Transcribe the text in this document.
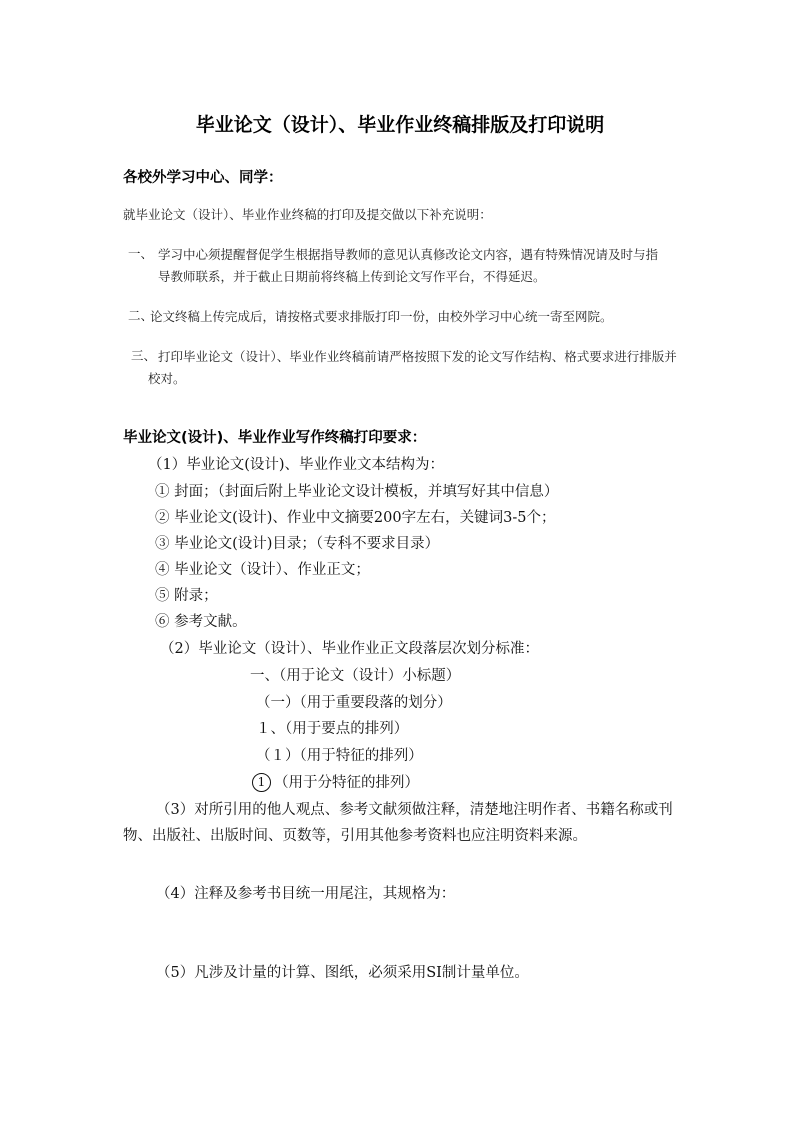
毕业论文（设计）、毕业作业终稿排版及打印说明
各校外学习中心、同学：
就毕业论文（设计）、毕业作业终稿的打印及提交做以下补充说明：
一、 学习中心须提醒督促学生根据指导教师的意见认真修改论文内容，遇有特殊情况请及时与指导教师联系，并于截止日期前将终稿上传到论文写作平台，不得延迟。
二、
论文终稿上传完成后，请按格式要求排版打印一份，由校外学习中心统一寄至网院。
三、 打印毕业论文（设计）、毕业作业终稿前请严格按照下发的论文写作结构、格式要求进行排版并校对。
毕业论文(设计)、毕业作业写作终稿打印要求：
（1）毕业论文(设计)、毕业作业文本结构为：
① 封面；（封面后附上毕业论文设计模板，并填写好其中信息）
② 毕业论文(设计)、作业中文摘要200字左右，关键词3-5个；
③ 毕业论文(设计)目录；（专科不要求目录）
④ 毕业论文（设计）、作业正文；
⑤ 附录；
⑥ 参考文献。
（2）毕业论文（设计）、毕业作业正文段落层次划分标准：
一、（用于论文（设计）小标题）
（一）（用于重要段落的划分）
１、（用于要点的排列）
（１）（用于特征的排列）
1 （用于分特征的排列）

（3）对所引用的他人观点、参考文献须做注释，清楚地注明作者、书籍名称或刊物、出版社、出版时间、页数等，引用其他参考资料也应注明资料来源。

（4）注释及参考书目统一用尾注，其规格为：
（5）凡涉及计量的计算、图纸，必须采用SI制计量单位。
